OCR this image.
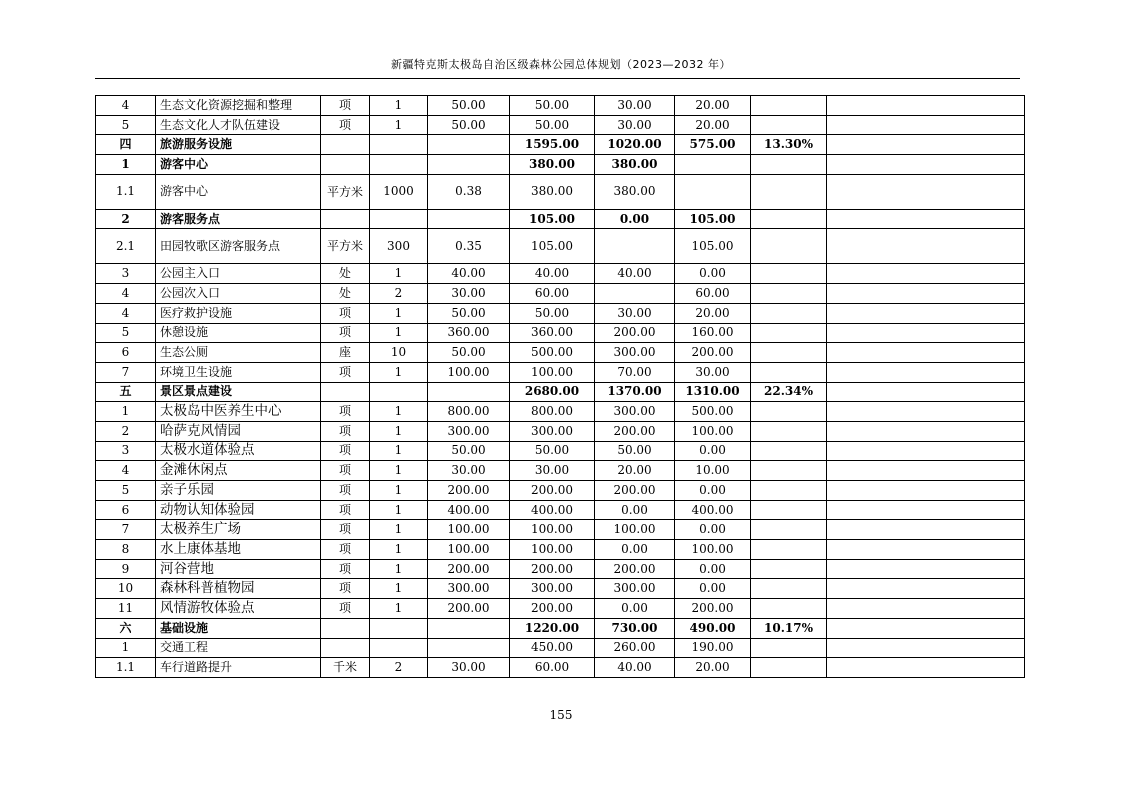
新疆特克斯太极岛自治区级森林公园总体规划（2023—2032 年）
4	生态文化资源挖掘和整理	项	1	50.00	50.00	30.00	20.00		
5	生态文化人才队伍建设	项	1	50.00	50.00	30.00	20.00		
四	旅游服务设施				1595.00	1020.00	575.00	13.30%	
1	游客中心				380.00	380.00			
1.1	游客中心	平方米	1000	0.38	380.00	380.00			
2	游客服务点				105.00	0.00	105.00		
2.1	田园牧歌区游客服务点	平方米	300	0.35	105.00		105.00		
3	公园主入口	处	1	40.00	40.00	40.00	0.00		
4	公园次入口	处	2	30.00	60.00		60.00		
4	医疗救护设施	项	1	50.00	50.00	30.00	20.00		
5	休憩设施	项	1	360.00	360.00	200.00	160.00		
6	生态公厕	座	10	50.00	500.00	300.00	200.00		
7	环境卫生设施	项	1	100.00	100.00	70.00	30.00		
五	景区景点建设				2680.00	1370.00	1310.00	22.34%	
1	太极岛中医养生中心	项	1	800.00	800.00	300.00	500.00		
2	哈萨克风情园	项	1	300.00	300.00	200.00	100.00		
3	太极水道体验点	项	1	50.00	50.00	50.00	0.00		
4	金滩休闲点	项	1	30.00	30.00	20.00	10.00		
5	亲子乐园	项	1	200.00	200.00	200.00	0.00		
6	动物认知体验园	项	1	400.00	400.00	0.00	400.00		
7	太极养生广场	项	1	100.00	100.00	100.00	0.00		
8	水上康体基地	项	1	100.00	100.00	0.00	100.00		
9	河谷营地	项	1	200.00	200.00	200.00	0.00		
10	森林科普植物园	项	1	300.00	300.00	300.00	0.00		
11	风情游牧体验点	项	1	200.00	200.00	0.00	200.00		
六	基础设施				1220.00	730.00	490.00	10.17%	
1	交通工程				450.00	260.00	190.00		
1.1	车行道路提升	千米	2	30.00	60.00	40.00	20.00		
155
